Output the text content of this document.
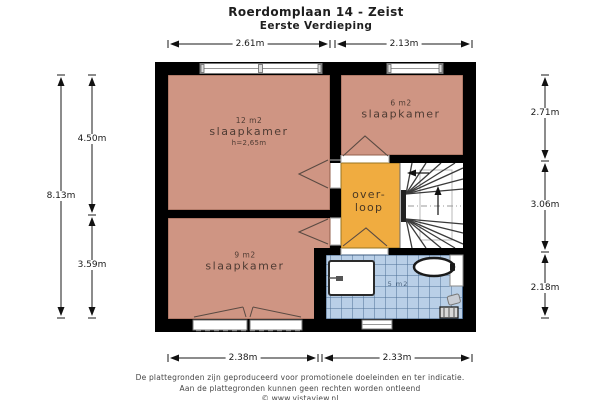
Roerdomplaan 14 - Zeist
Eerste Verdieping
2.61m	2.13m
2.38m	2.33m
8.13m
4.50m
3.59m
2.71m
3.06m
2.18m
12 m2
slaapkamer
h=2,65m
6 m2
slaapkamer
9 m2
slaapkamer
over-
loop
5 m2
De plattegronden zijn geproduceerd voor promotionele doeleinden en ter indicatie.
Aan de plattegronden kunnen geen rechten worden ontleend
© www.vistaview.nl
